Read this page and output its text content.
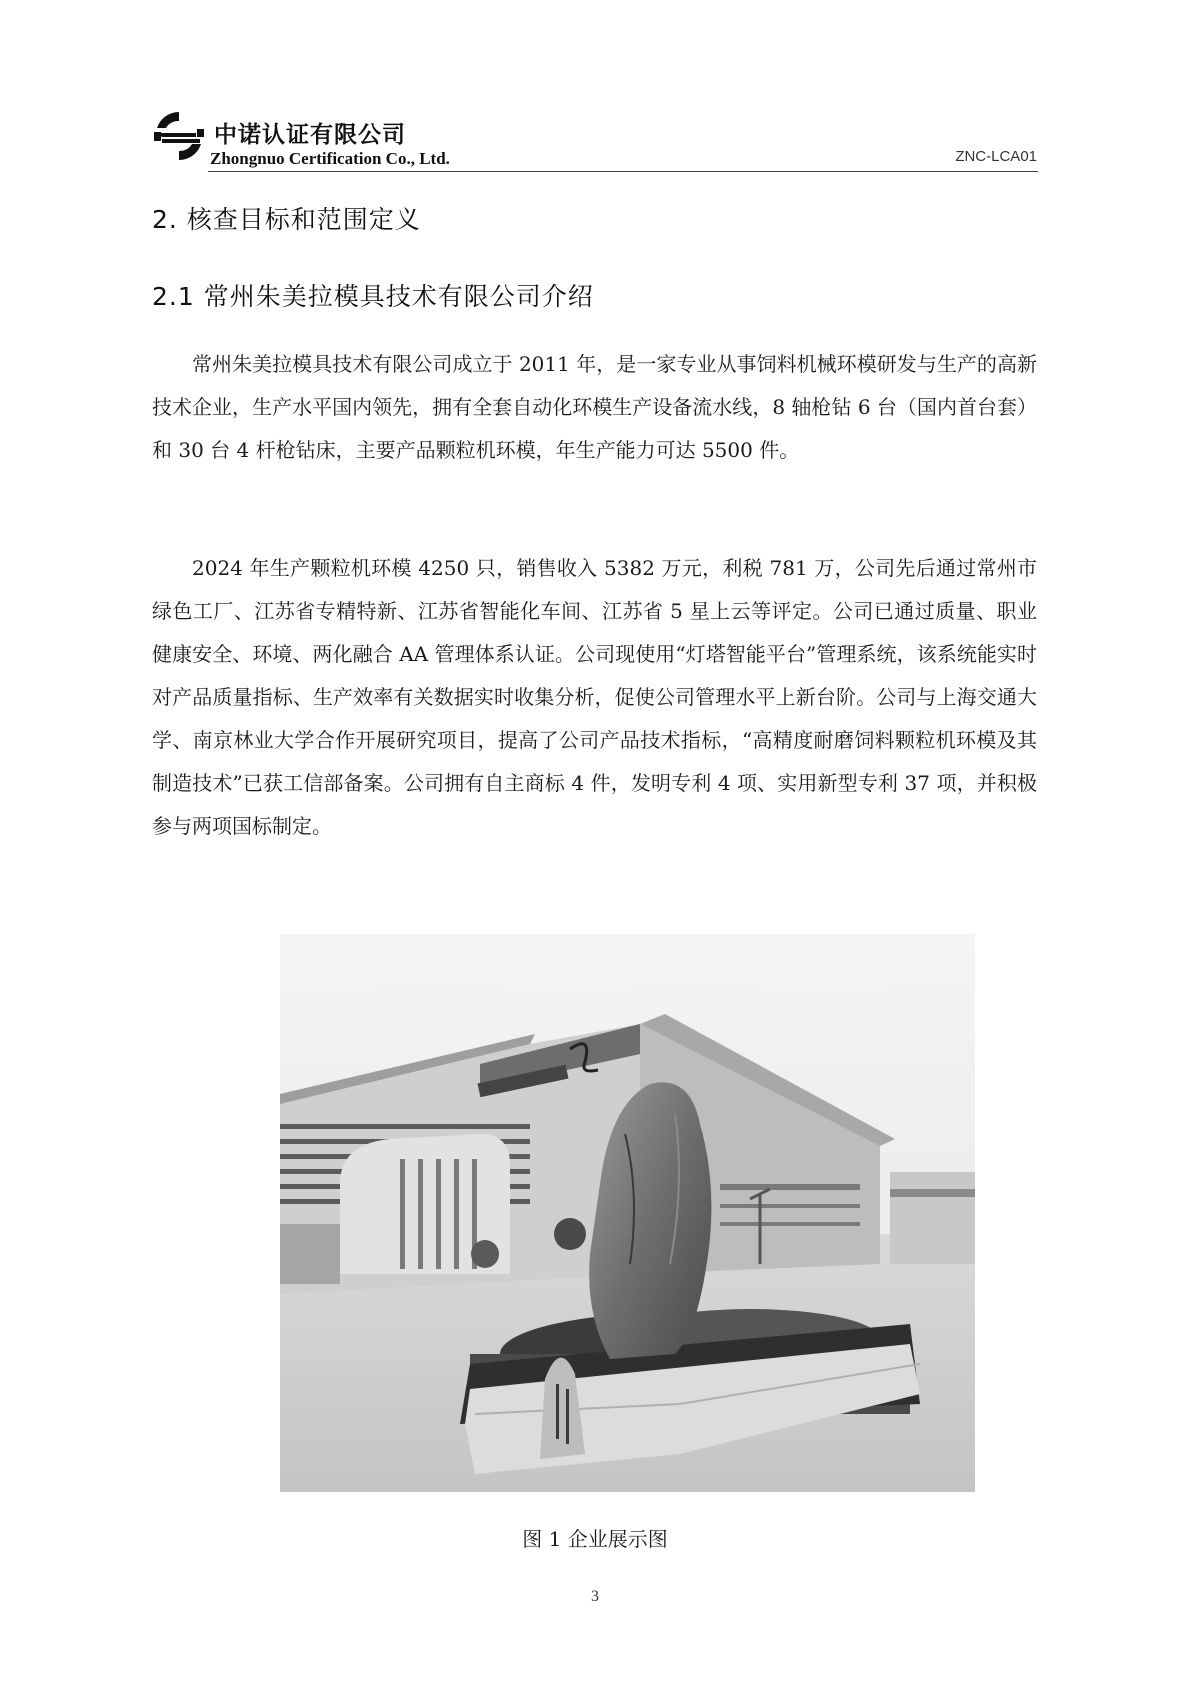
中诺认证有限公司
Zhongnuo Certification Co., Ltd.	ZNC-LCA01
2. 核查目标和范围定义
2.1 常州朱美拉模具技术有限公司介绍

常州朱美拉模具技术有限公司成立于 2011 年，是一家专业从事饲料机械环模研发与生产的高新技术企业，生产水平国内领先，拥有全套自动化环模生产设备流水线，8 轴枪钻 6 台（国内首台套）和 30 台 4 杆枪钻床，主要产品颗粒机环模，年生产能力可达 5500 件。

2024 年生产颗粒机环模 4250 只，销售收入 5382 万元，利税 781 万，公司先后通过常州市绿色工厂、江苏省专精特新、江苏省智能化车间、江苏省 5 星上云等评定。公司已通过质量、职业健康安全、环境、两化融合 AA 管理体系认证。公司现使用“灯塔智能平台”管理系统，该系统能实时对产品质量指标、生产效率有关数据实时收集分析，促使公司管理水平上新台阶。公司与上海交通大学、南京林业大学合作开展研究项目，提高了公司产品技术指标，“高精度耐磨饲料颗粒机环模及其制造技术”已获工信部备案。公司拥有自主商标 4 件，发明专利 4 项、实用新型专利 37 项，并积极参与两项国标制定。

图 1 企业展示图
3
